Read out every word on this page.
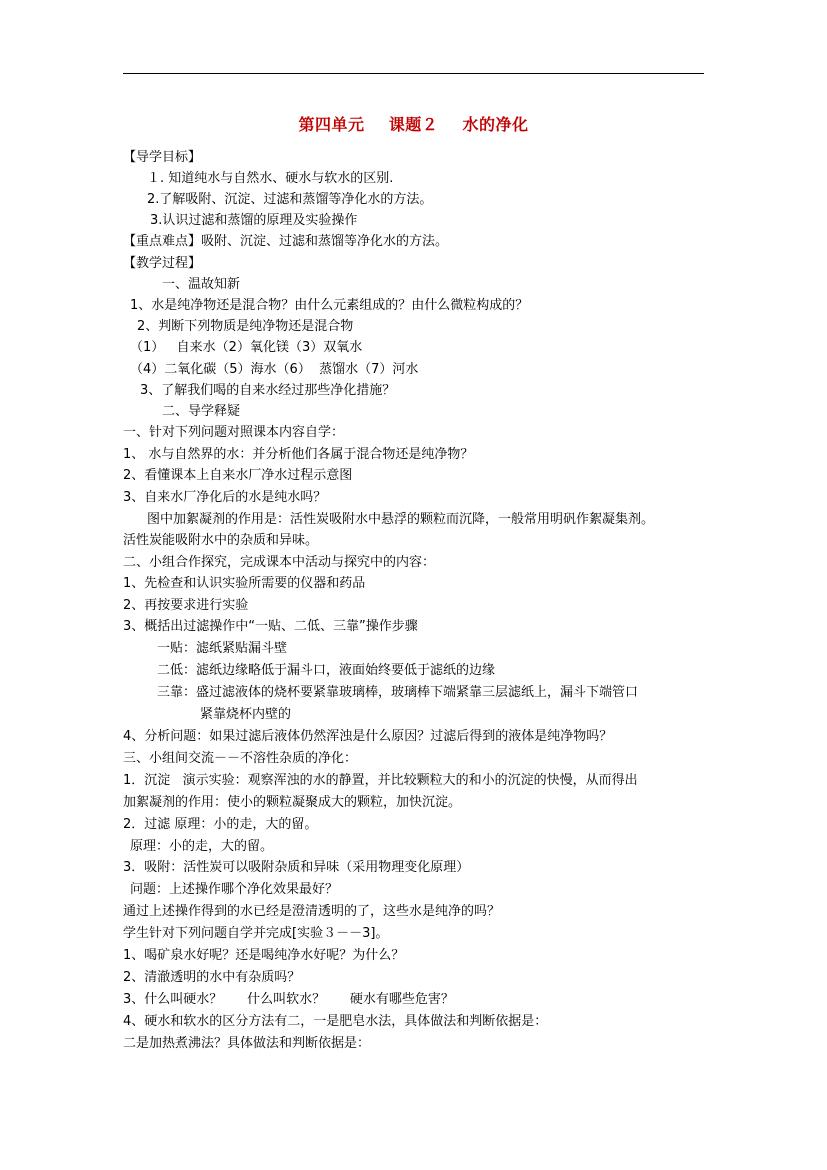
第四单元    课题２    水的净化
【导学目标】
１. 知道纯水与自然水、硬水与软水的区别.
2.了解吸附、沉淀、过滤和蒸馏等净化水的方法。
3.认识过滤和蒸馏的原理及实验操作
【重点难点】吸附、沉淀、过滤和蒸馏等净化水的方法。
【教学过程】
一、温故知新
1、水是纯净物还是混合物？由什么元素组成的？由什么微粒构成的？
2、判断下列物质是纯净物还是混合物
（1）   自来水（2）氧化镁（3）双氧水
（4）二氧化碳（5）海水（6）  蒸馏水（7）河水
3、了解我们喝的自来水经过那些净化措施？
二、导学释疑
一、针对下列问题对照课本内容自学：
1、 水与自然界的水：并分析他们各属于混合物还是纯净物？
2、看懂课本上自来水厂净水过程示意图
3、自来水厂净化后的水是纯水吗？
图中加絮凝剂的作用是：活性炭吸附水中悬浮的颗粒而沉降，一般常用明矾作絮凝集剂。
活性炭能吸附水中的杂质和异味。
二、小组合作探究，完成课本中活动与探究中的内容：
1、先检查和认识实验所需要的仪器和药品
2、再按要求进行实验
3、概括出过滤操作中“一贴、二低、三靠”操作步骤
一贴：滤纸紧贴漏斗壁
二低：滤纸边缘略低于漏斗口，液面始终要低于滤纸的边缘
三靠：盛过滤液体的烧杯要紧靠玻璃棒，玻璃棒下端紧靠三层滤纸上，漏斗下端管口
紧靠烧杯内壁的
4、分析问题：如果过滤后液体仍然浑浊是什么原因？过滤后得到的液体是纯净物吗？
三、小组间交流－－不溶性杂质的净化：
1．沉淀   演示实验：观察浑浊的水的静置，并比较颗粒大的和小的沉淀的快慢，从而得出
加絮凝剂的作用：使小的颗粒凝聚成大的颗粒，加快沉淀。
2．过滤 原理：小的走，大的留。
原理：小的走，大的留。
3．吸附：活性炭可以吸附杂质和异味（采用物理变化原理）
问题：上述操作哪个净化效果最好？
通过上述操作得到的水已经是澄清透明的了，这些水是纯净的吗？
学生针对下列问题自学并完成[实验３－－3]。
1、喝矿泉水好呢？还是喝纯净水好呢？为什么？
2、清澈透明的水中有杂质吗？
3、什么叫硬水？      什么叫软水？      硬水有哪些危害？
4、硬水和软水的区分方法有二，一是肥皂水法，具体做法和判断依据是：
二是加热煮沸法？具体做法和判断依据是：
